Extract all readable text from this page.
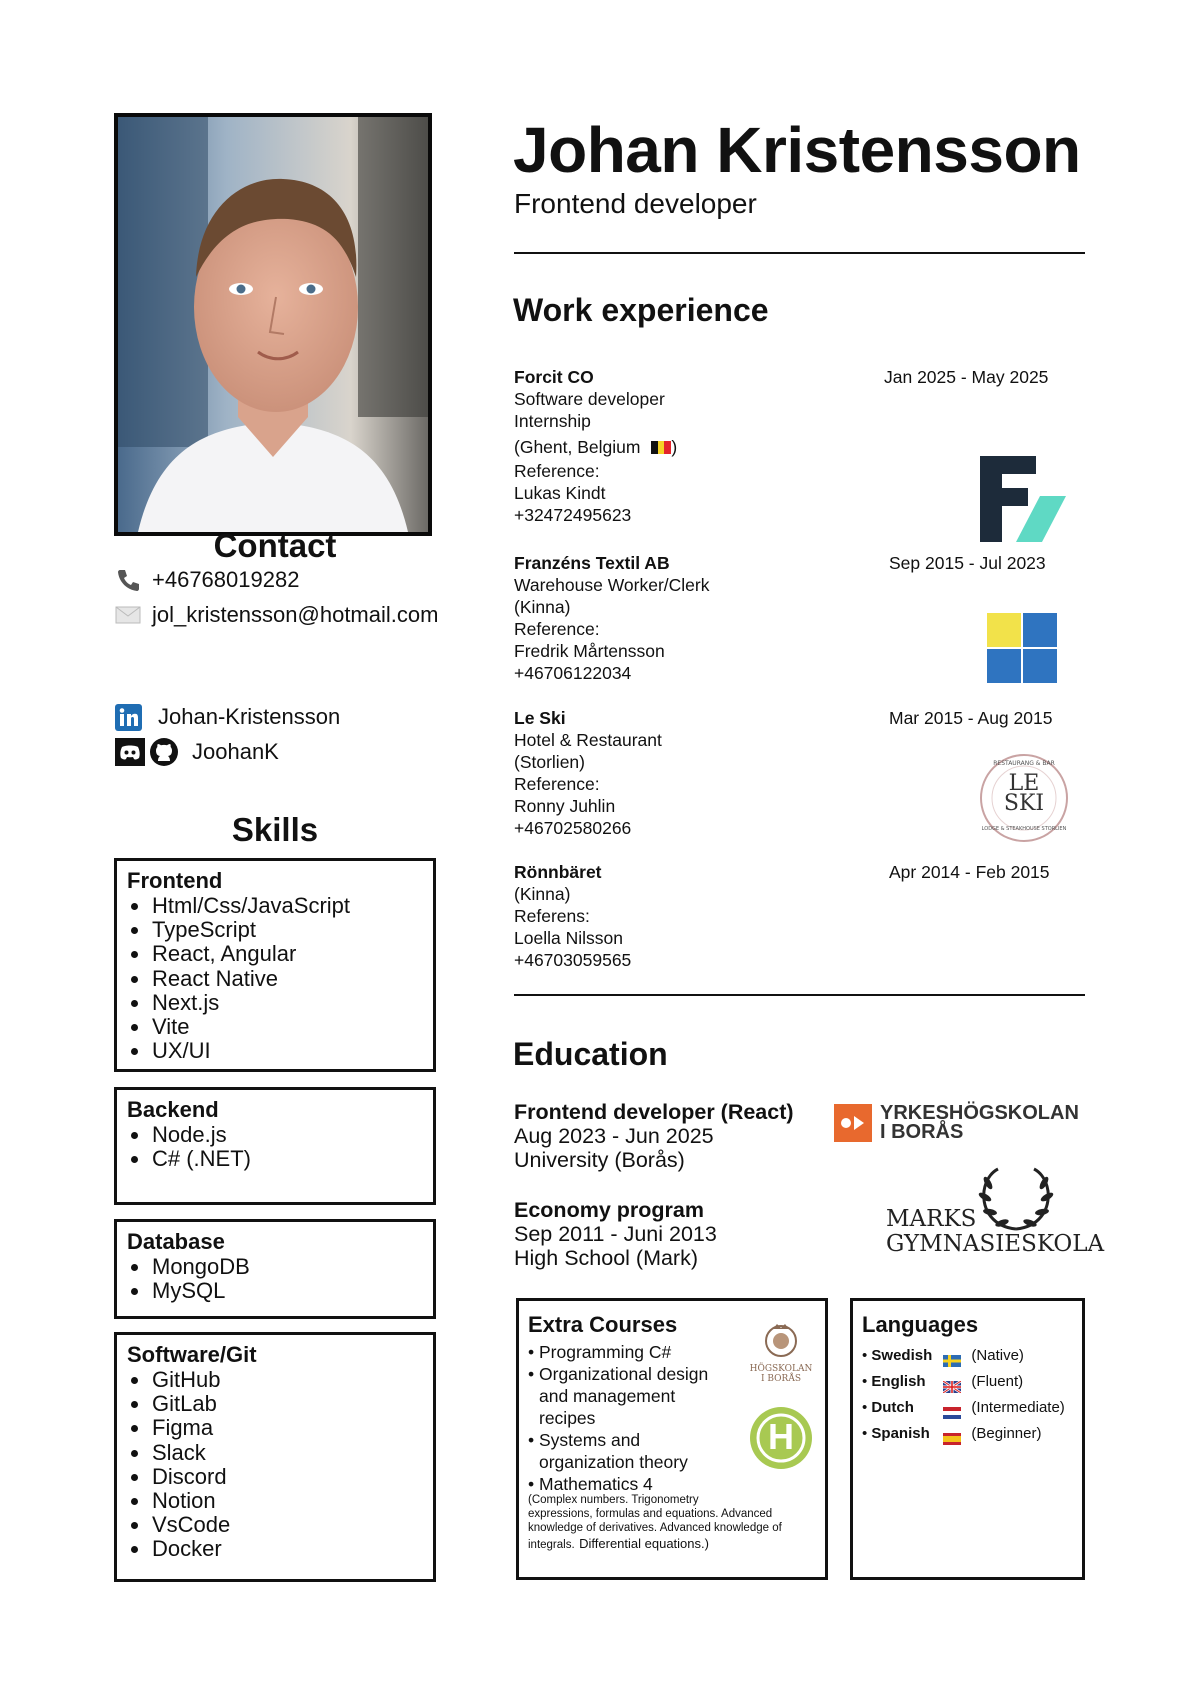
Contact
+46768019282
jol_kristensson@hotmail.com
Johan-Kristensson
JoohanK
Skills
Frontend
• Html/Css/JavaScript
• TypeScript
• React, Angular
• React Native
• Next.js
• Vite
• UX/UI
Backend
• Node.js
• C# (.NET)
Database
• MongoDB
• MySQL
Software/Git
• GitHub
• GitLab
• Figma
• Slack
• Discord
• Notion
• VsCode
• Docker
Johan Kristensson
Frontend developer
Work experience
Forcit CO
Software developer
Internship
(Ghent, Belgium )
Reference:
Lukas Kindt
+32472495623
Jan 2025 - May 2025
Franzéns Textil AB
Warehouse Worker/Clerk
(Kinna)
Reference:
Fredrik Mårtensson
+46706122034
Sep 2015 - Jul 2023
Le Ski
Hotel & Restaurant
(Storlien)
Reference:
Ronny Juhlin
+46702580266
Mar 2015 - Aug 2015
RESTAURANG & BAR
LE
SKI
LODGE & STEAKHOUSE STORLIEN
Rönnbäret
(Kinna)
Referens:
Loella Nilsson
+46703059565
Apr 2014 - Feb 2015
Education
Frontend developer (React)
Aug 2023 - Jun 2025
University (Borås)
YRKESHÖGSKOLAN
I BORÅS
Economy program
Sep 2011 - Juni 2013
High School (Mark)
MARKS
GYMNASIESKOLA
Extra Courses
• Programming C#
• Organizational design
and management
recipes
• Systems and
organization theory
• Mathematics 4
(Complex numbers. Trigonometry
expressions, formulas and equations. Advanced
knowledge of derivatives. Advanced knowledge of
integrals. Differential equations.)
HÖGSKOLAN
I BORÅS
H
Languages
• Swedish	(Native)
• English	(Fluent)
• Dutch	(Intermediate)
• Spanish	(Beginner)
